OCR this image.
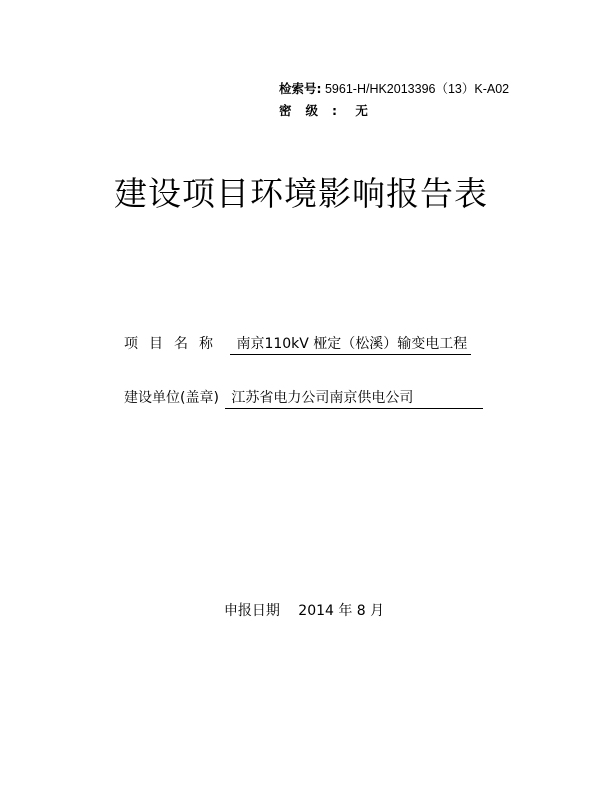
检索号: 5961-H/HK2013396（13）K-A02
密级: 无
建设项目环境影响报告表
项目名称 南京110kV 桠定（松溪）输变电工程
建设单位(盖章) 江苏省电力公司南京供电公司
申报日期 2014 年 8 月
